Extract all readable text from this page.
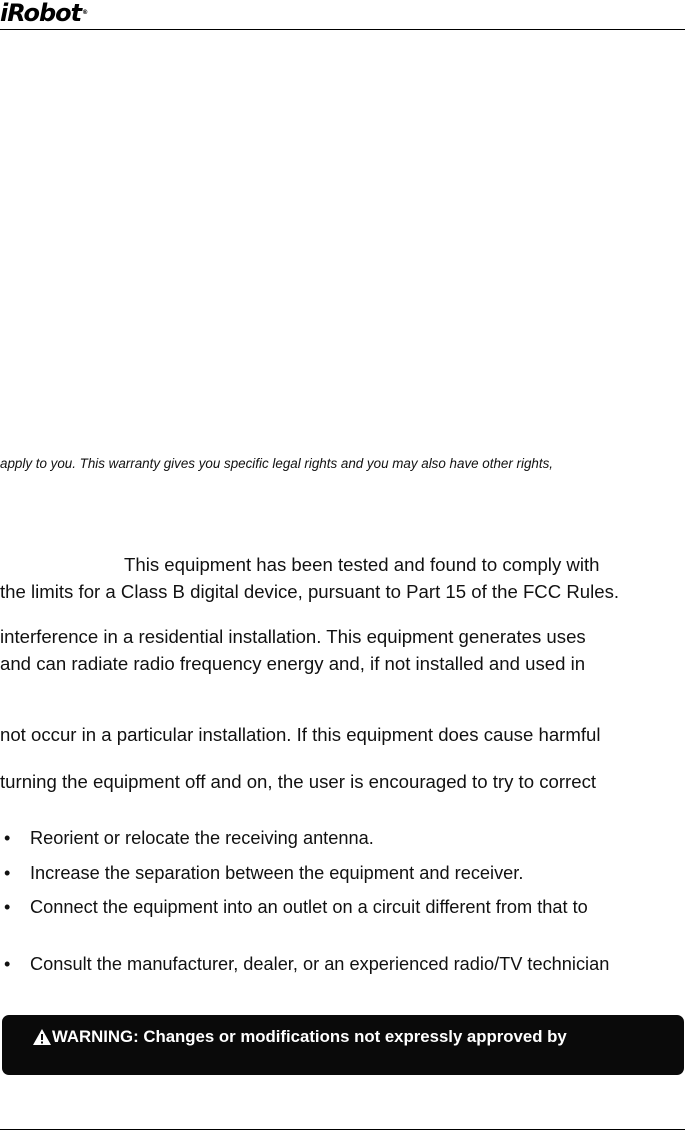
iRobot®
apply to you. This warranty gives you specific legal rights and you may also have other rights,
This equipment has been tested and found to comply with
the limits for a Class B digital device, pursuant to Part 15 of the FCC Rules.
interference in a residential installation. This equipment generates uses
and can radiate radio frequency energy and, if not installed and used in
not occur in a particular installation. If this equipment does cause harmful
turning the equipment off and on, the user is encouraged to try to correct
• Reorient or relocate the receiving antenna.
• Increase the separation between the equipment and receiver.
• Connect the equipment into an outlet on a circuit different from that to
• Consult the manufacturer, dealer, or an experienced radio/TV technician
WARNING: Changes or modifications not expressly approved by
